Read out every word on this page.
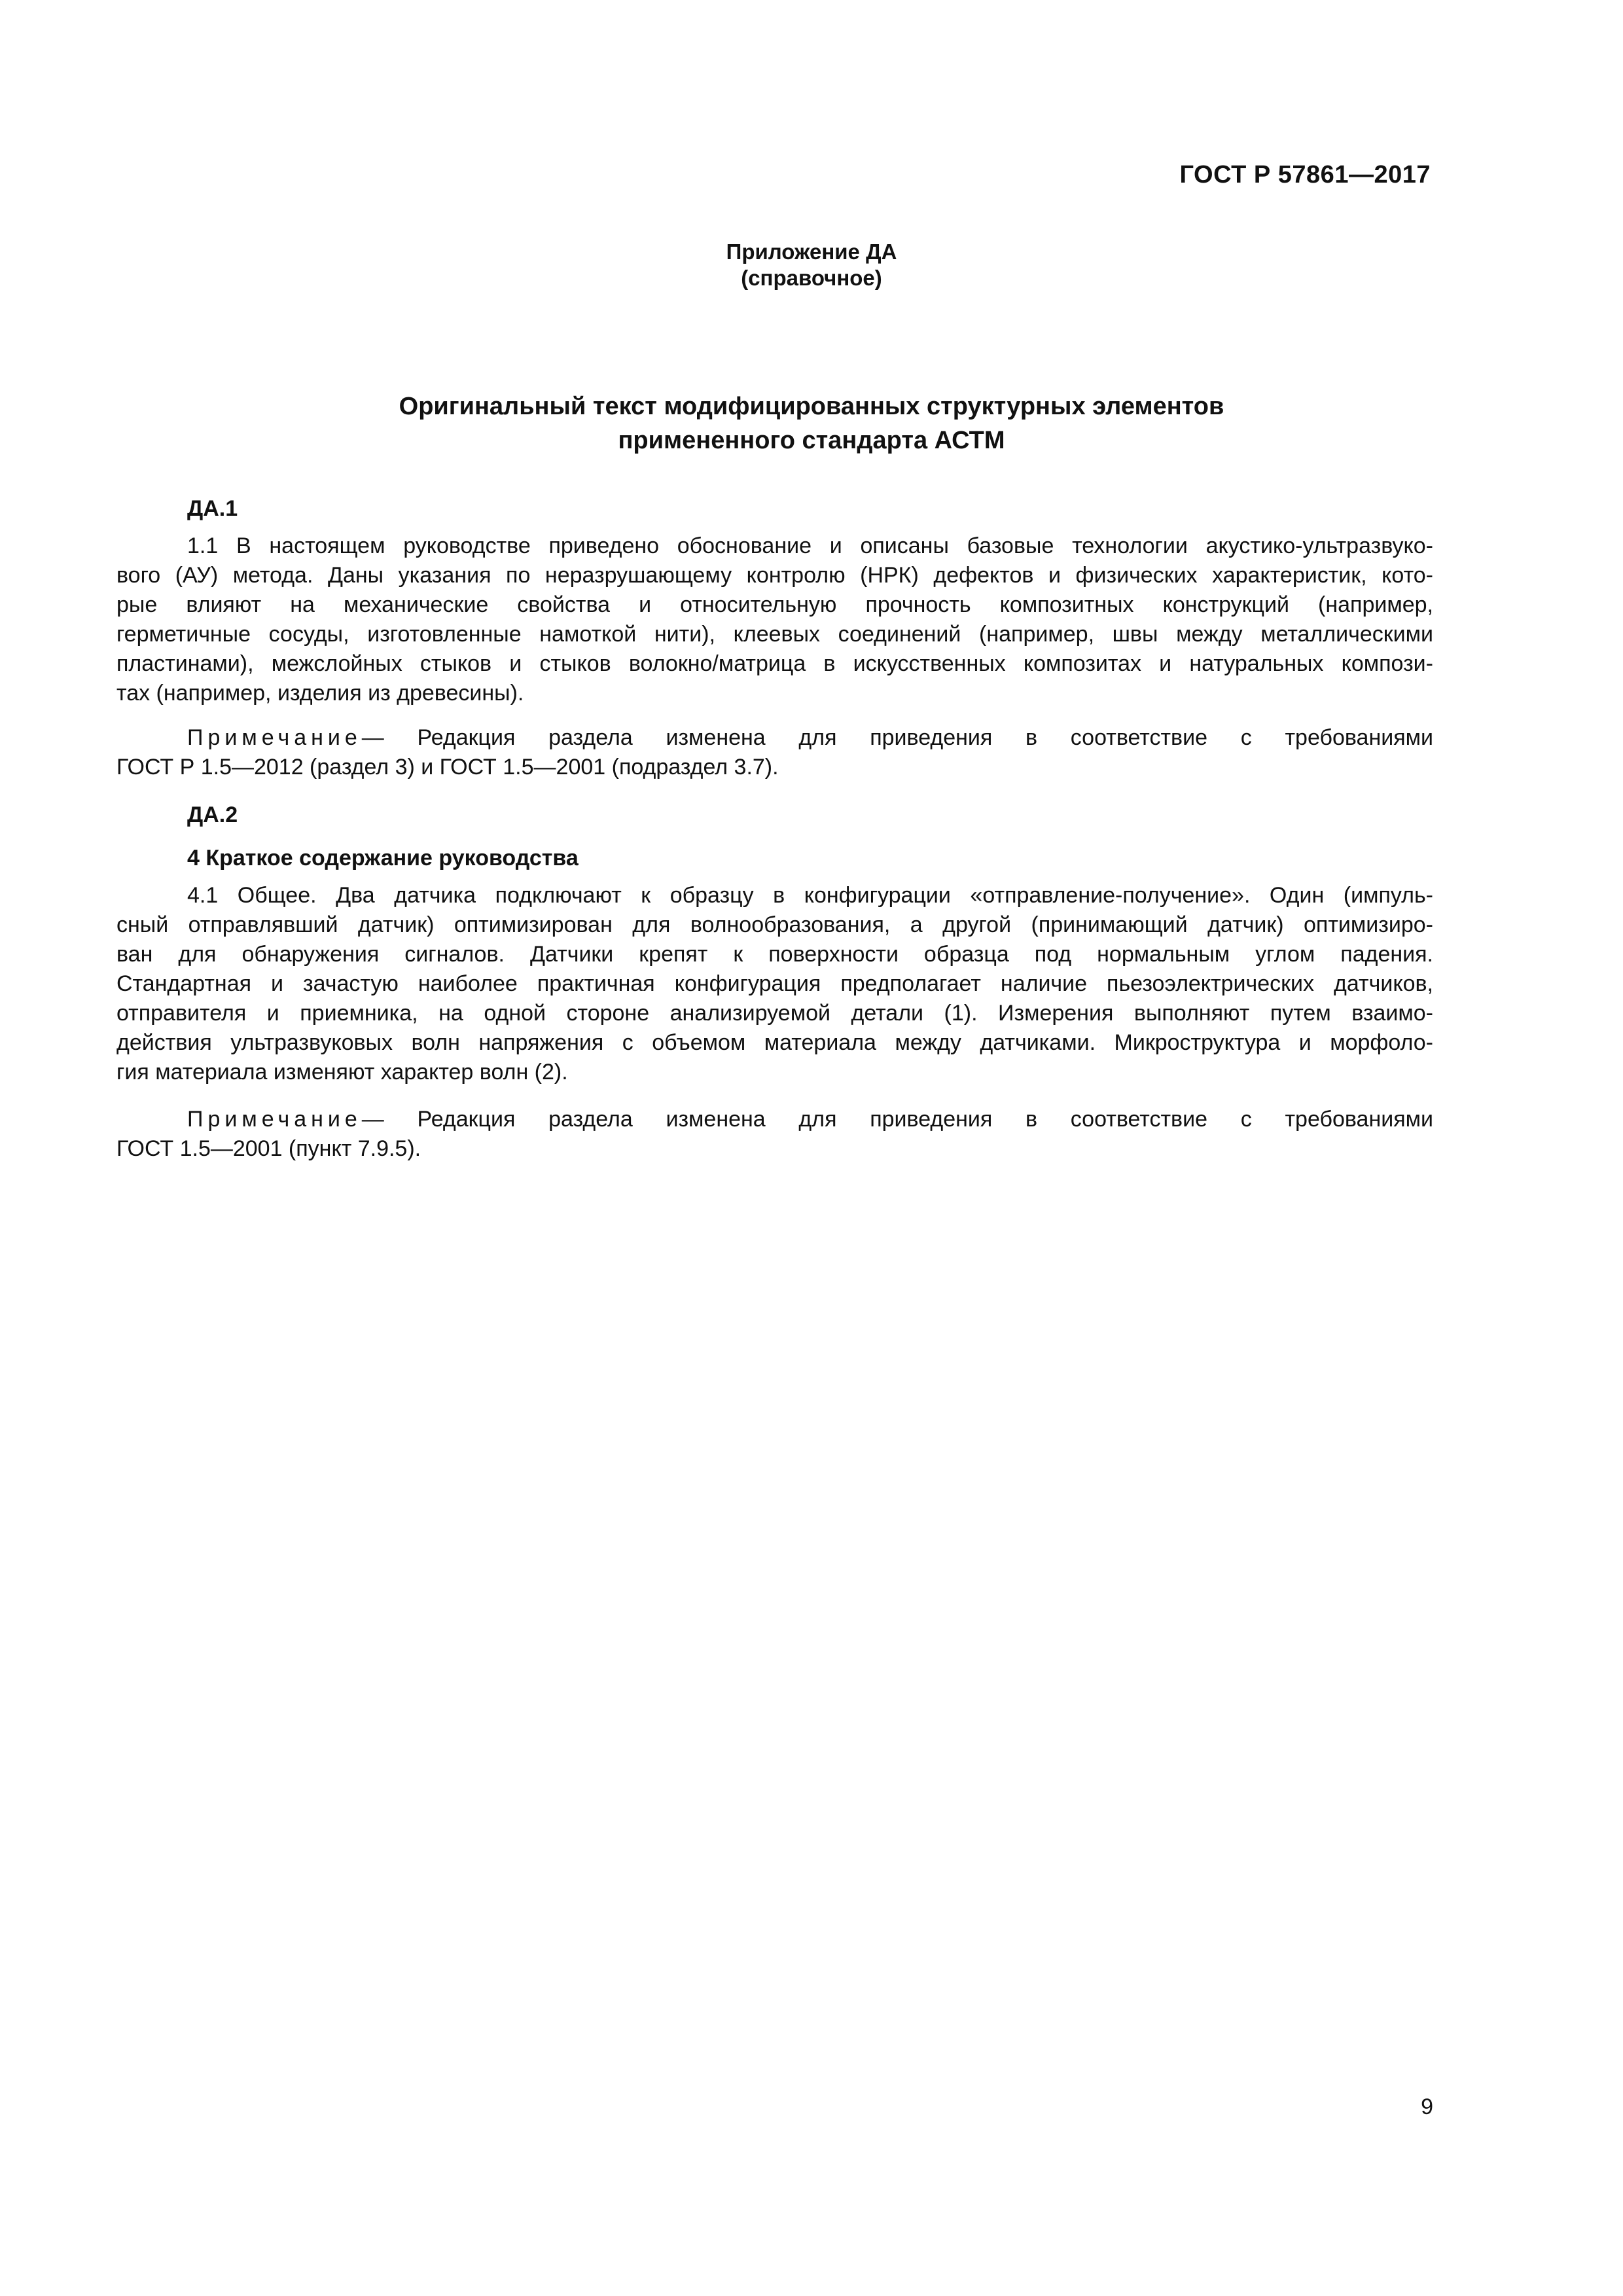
ГОСТ Р 57861—2017
Приложение ДА
(справочное)
Оригинальный текст модифицированных структурных элементов
примененного стандарта АСТМ
ДА.1
1.1 В настоящем руководстве приведено обоснование и описаны базовые технологии акустико-ультразвуко-
вого (АУ) метода. Даны указания по неразрушающему контролю (НРК) дефектов и физических характеристик, кото-
рые влияют на механические свойства и относительную прочность композитных конструкций (например,
герметичные сосуды, изготовленные намоткой нити), клеевых соединений (например, швы между металлическими
пластинами), межслойных стыков и стыков волокно/матрица в искусственных композитах и натуральных компози-
тах (например, изделия из древесины).
Примечание— Редакция раздела изменена для приведения в соответствие с требованиями
ГОСТ Р 1.5—2012 (раздел 3) и ГОСТ 1.5—2001 (подраздел 3.7).
ДА.2
4 Краткое содержание руководства
4.1 Общее. Два датчика подключают к образцу в конфигурации «отправление-получение». Один (импуль-
сный отправлявший датчик) оптимизирован для волнообразования, а другой (принимающий датчик) оптимизиро-
ван для обнаружения сигналов. Датчики крепят к поверхности образца под нормальным углом падения.
Стандартная и зачастую наиболее практичная конфигурация предполагает наличие пьезоэлектрических датчиков,
отправителя и приемника, на одной стороне анализируемой детали (1). Измерения выполняют путем взаимо-
действия ультразвуковых волн напряжения с объемом материала между датчиками. Микроструктура и морфоло-
гия материала изменяют характер волн (2).
Примечание— Редакция раздела изменена для приведения в соответствие с требованиями
ГОСТ 1.5—2001 (пункт 7.9.5).
9
